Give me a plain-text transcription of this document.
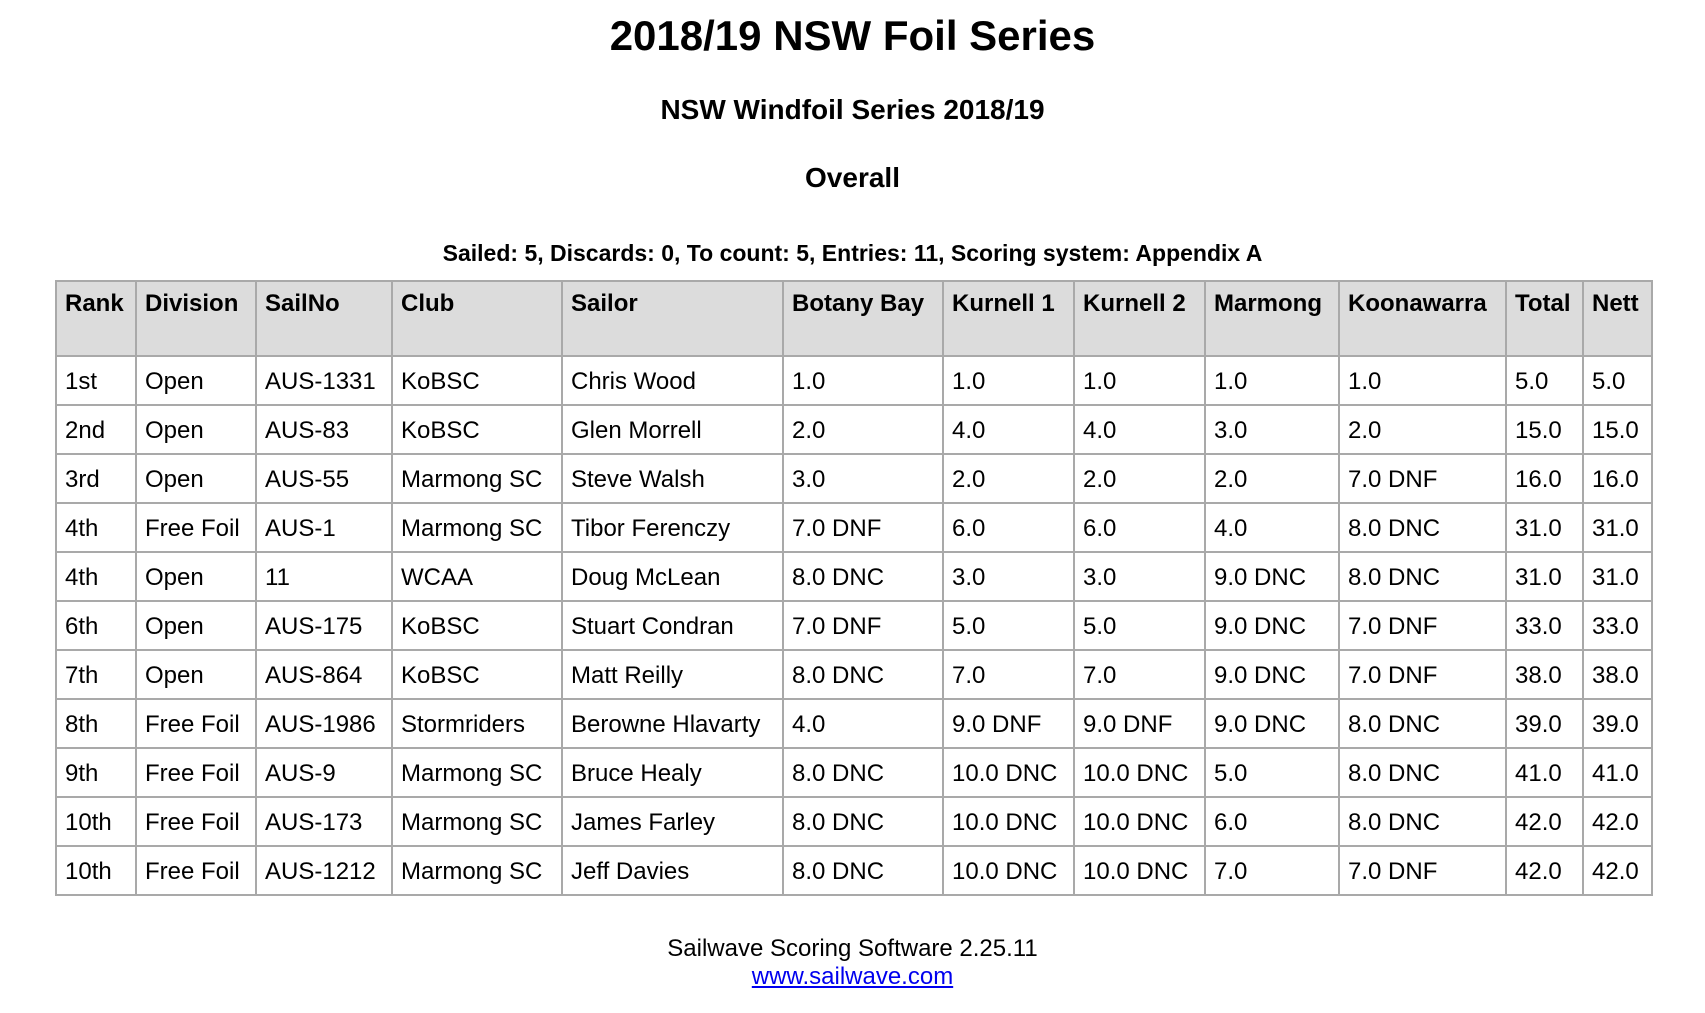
2018/19 NSW Foil Series
NSW Windfoil Series 2018/19
Overall
Sailed: 5, Discards: 0, To count: 5, Entries: 11, Scoring system: Appendix A
Rank	Division	SailNo	Club	Sailor	Botany Bay	Kurnell 1	Kurnell 2	Marmong	Koonawarra	Total	Nett
1st	Open	AUS-1331	KoBSC	Chris Wood	1.0	1.0	1.0	1.0	1.0	5.0	5.0
2nd	Open	AUS-83	KoBSC	Glen Morrell	2.0	4.0	4.0	3.0	2.0	15.0	15.0
3rd	Open	AUS-55	Marmong SC	Steve Walsh	3.0	2.0	2.0	2.0	7.0 DNF	16.0	16.0
4th	Free Foil	AUS-1	Marmong SC	Tibor Ferenczy	7.0 DNF	6.0	6.0	4.0	8.0 DNC	31.0	31.0
4th	Open	11	WCAA	Doug McLean	8.0 DNC	3.0	3.0	9.0 DNC	8.0 DNC	31.0	31.0
6th	Open	AUS-175	KoBSC	Stuart Condran	7.0 DNF	5.0	5.0	9.0 DNC	7.0 DNF	33.0	33.0
7th	Open	AUS-864	KoBSC	Matt Reilly	8.0 DNC	7.0	7.0	9.0 DNC	7.0 DNF	38.0	38.0
8th	Free Foil	AUS-1986	Stormriders	Berowne Hlavarty	4.0	9.0 DNF	9.0 DNF	9.0 DNC	8.0 DNC	39.0	39.0
9th	Free Foil	AUS-9	Marmong SC	Bruce Healy	8.0 DNC	10.0 DNC	10.0 DNC	5.0	8.0 DNC	41.0	41.0
10th	Free Foil	AUS-173	Marmong SC	James Farley	8.0 DNC	10.0 DNC	10.0 DNC	6.0	8.0 DNC	42.0	42.0
10th	Free Foil	AUS-1212	Marmong SC	Jeff Davies	8.0 DNC	10.0 DNC	10.0 DNC	7.0	7.0 DNF	42.0	42.0
Sailwave Scoring Software 2.25.11
www.sailwave.com
